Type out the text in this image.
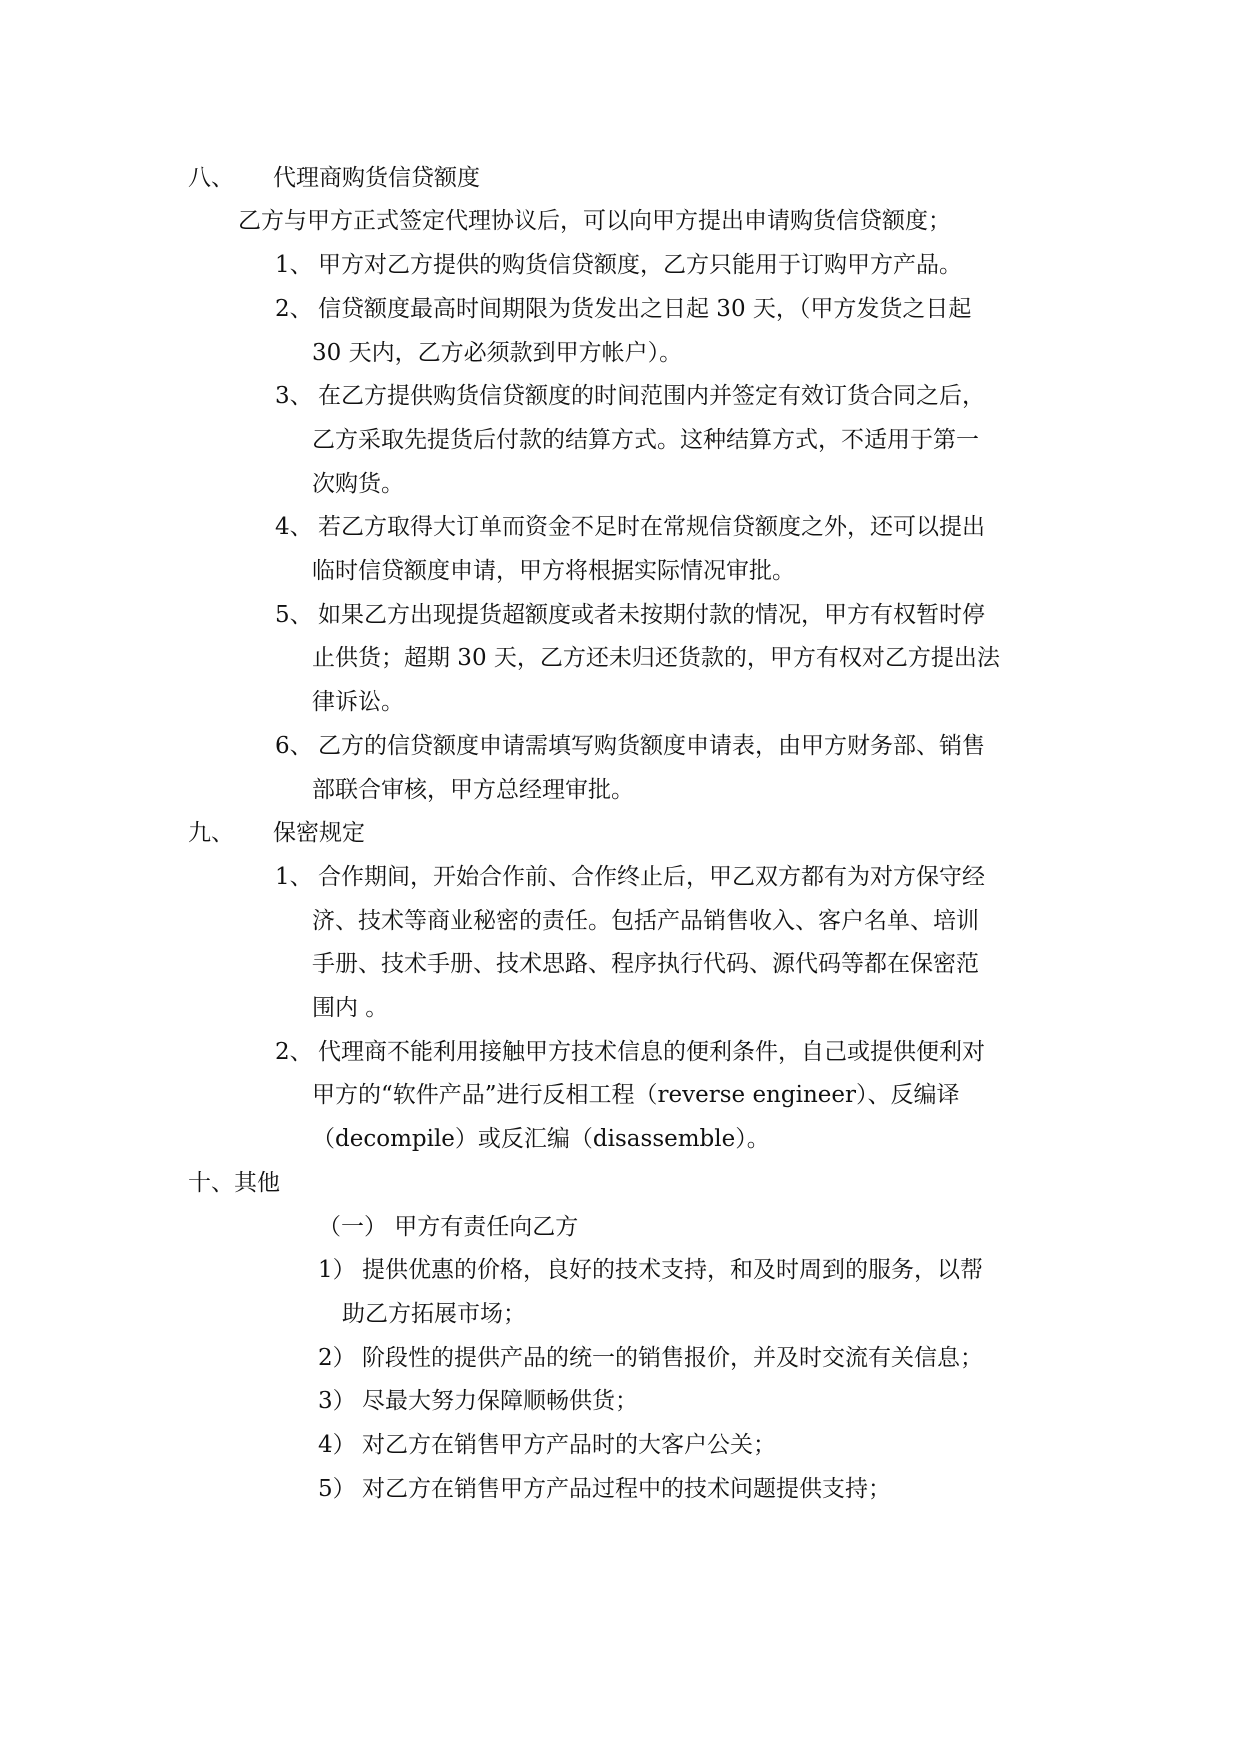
八、 代理商购货信贷额度
乙方与甲方正式签定代理协议后，可以向甲方提出申请购货信贷额度；
1、 甲方对乙方提供的购货信贷额度，乙方只能用于订购甲方产品。
2、 信贷额度最高时间期限为货发出之日起 30 天，（甲方发货之日起
30 天内，乙方必须款到甲方帐户）。
3、 在乙方提供购货信贷额度的时间范围内并签定有效订货合同之后，
乙方采取先提货后付款的结算方式。这种结算方式，不适用于第一
次购货。
4、 若乙方取得大订单而资金不足时在常规信贷额度之外，还可以提出
临时信贷额度申请，甲方将根据实际情况审批。
5、 如果乙方出现提货超额度或者未按期付款的情况，甲方有权暂时停
止供货；超期 30 天，乙方还未归还货款的，甲方有权对乙方提出法
律诉讼。
6、 乙方的信贷额度申请需填写购货额度申请表，由甲方财务部、销售
部联合审核，甲方总经理审批。
九、 保密规定
1、 合作期间，开始合作前、合作终止后，甲乙双方都有为对方保守经
济、技术等商业秘密的责任。包括产品销售收入、客户名单、培训
手册、技术手册、技术思路、程序执行代码、源代码等都在保密范
围内 。
2、 代理商不能利用接触甲方技术信息的便利条件，自己或提供便利对
甲方的“软件产品”进行反相工程（reverse engineer）、反编译
（decompile）或反汇编（disassemble）。
十、其他
（一） 甲方有责任向乙方
1） 提供优惠的价格，良好的技术支持，和及时周到的服务，以帮
助乙方拓展市场；
2） 阶段性的提供产品的统一的销售报价，并及时交流有关信息；
3） 尽最大努力保障顺畅供货；
4） 对乙方在销售甲方产品时的大客户公关；
5） 对乙方在销售甲方产品过程中的技术问题提供支持；
